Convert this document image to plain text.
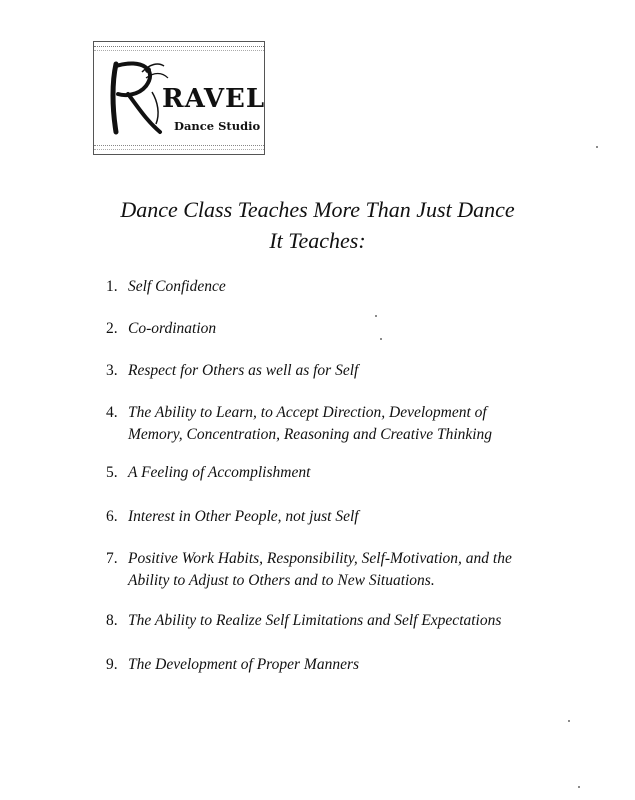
RAVEL
Dance Studio
Dance Class Teaches More Than Just Dance
It Teaches:
1 . Self Confidence
2 . Co-ordination
3 . Respect for Others as well as for Self
4 . The Ability to Learn, to Accept Direction, Development of Memory, Concentration, Reasoning and Creative Thinking
5 . A Feeling of Accomplishment
6 . Interest in Other People, not just Self
7 . Positive Work Habits, Responsibility, Self-Motivation, and the Ability to Adjust to Others and to New Situations.
8 . The Ability to Realize Self Limitations and Self Expectations
9 . The Development of Proper Manners
